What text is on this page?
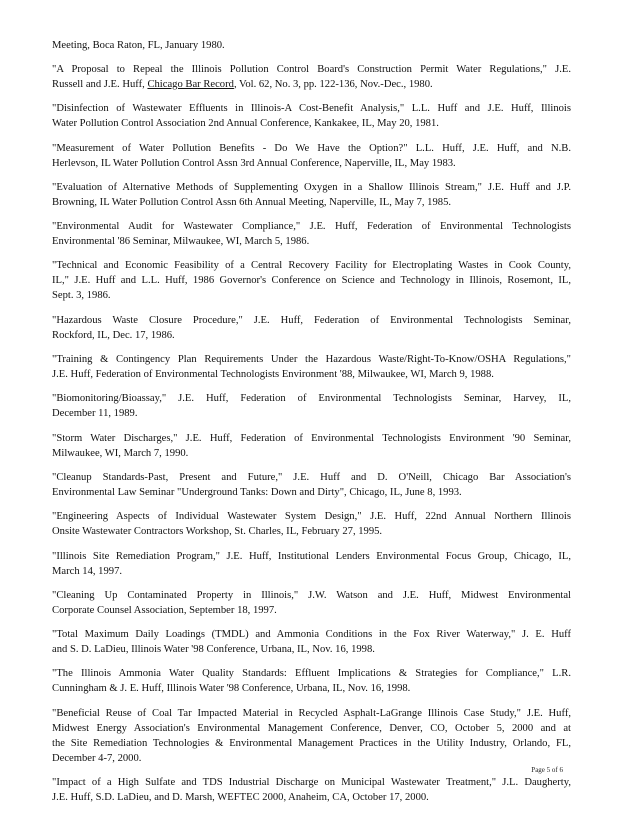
Meeting, Boca Raton, FL, January 1980.
"A Proposal to Repeal the Illinois Pollution Control Board's Construction Permit Water Regulations," J.E.
Russell and J.E. Huff, Chicago Bar Record, Vol. 62, No. 3, pp. 122-136, Nov.-Dec., 1980.
"Disinfection of Wastewater Effluents in Illinois-A Cost-Benefit Analysis," L.L. Huff and J.E. Huff, Illinois
Water Pollution Control Association 2nd Annual Conference, Kankakee, IL, May 20, 1981.
"Measurement of Water Pollution Benefits - Do We Have the Option?" L.L. Huff, J.E. Huff, and N.B.
Herlevson, IL Water Pollution Control Assn 3rd Annual Conference, Naperville, IL, May 1983.
"Evaluation of Alternative Methods of Supplementing Oxygen in a Shallow Illinois Stream," J.E. Huff and J.P.
Browning, IL Water Pollution Control Assn 6th Annual Meeting, Naperville, IL, May 7, 1985.
"Environmental Audit for Wastewater Compliance," J.E. Huff, Federation of Environmental Technologists
Environmental '86 Seminar, Milwaukee, WI, March 5, 1986.
"Technical and Economic Feasibility of a Central Recovery Facility for Electroplating Wastes in Cook County,
IL," J.E. Huff and L.L. Huff, 1986 Governor's Conference on Science and Technology in Illinois, Rosemont, IL,
Sept. 3, 1986.
"Hazardous Waste Closure Procedure," J.E. Huff, Federation of Environmental Technologists Seminar,
Rockford, IL, Dec. 17, 1986.
"Training & Contingency Plan Requirements Under the Hazardous Waste/Right-To-Know/OSHA Regulations,"
J.E. Huff, Federation of Environmental Technologists Environment '88, Milwaukee, WI, March 9, 1988.
"Biomonitoring/Bioassay," J.E. Huff, Federation of Environmental Technologists Seminar, Harvey, IL,
December 11, 1989.
"Storm Water Discharges," J.E. Huff, Federation of Environmental Technologists Environment '90 Seminar,
Milwaukee, WI, March 7, 1990.
"Cleanup Standards-Past, Present and Future," J.E. Huff and D. O'Neill, Chicago Bar Association's
Environmental Law Seminar "Underground Tanks: Down and Dirty", Chicago, IL, June 8, 1993.
"Engineering Aspects of Individual Wastewater System Design," J.E. Huff, 22nd Annual Northern Illinois
Onsite Wastewater Contractors Workshop, St. Charles, IL, February 27, 1995.
"Illinois Site Remediation Program," J.E. Huff, Institutional Lenders Environmental Focus Group, Chicago, IL,
March 14, 1997.
"Cleaning Up Contaminated Property in Illinois," J.W. Watson and J.E. Huff, Midwest Environmental
Corporate Counsel Association, September 18, 1997.
"Total Maximum Daily Loadings (TMDL) and Ammonia Conditions in the Fox River Waterway," J. E. Huff
and S. D. LaDieu, Illinois Water '98 Conference, Urbana, IL, Nov. 16, 1998.
"The Illinois Ammonia Water Quality Standards: Effluent Implications & Strategies for Compliance," L.R.
Cunningham & J. E. Huff, Illinois Water '98 Conference, Urbana, IL, Nov. 16, 1998.
"Beneficial Reuse of Coal Tar Impacted Material in Recycled Asphalt-LaGrange Illinois Case Study," J.E. Huff,
Midwest Energy Association's Environmental Management Conference, Denver, CO, October 5, 2000 and at
the Site Remediation Technologies & Environmental Management Practices in the Utility Industry, Orlando, FL,
December 4-7, 2000.
"Impact of a High Sulfate and TDS Industrial Discharge on Municipal Wastewater Treatment," J.L. Daugherty,
J.E. Huff, S.D. LaDieu, and D. Marsh, WEFTEC 2000, Anaheim, CA, October 17, 2000.
Page 5 of 6
